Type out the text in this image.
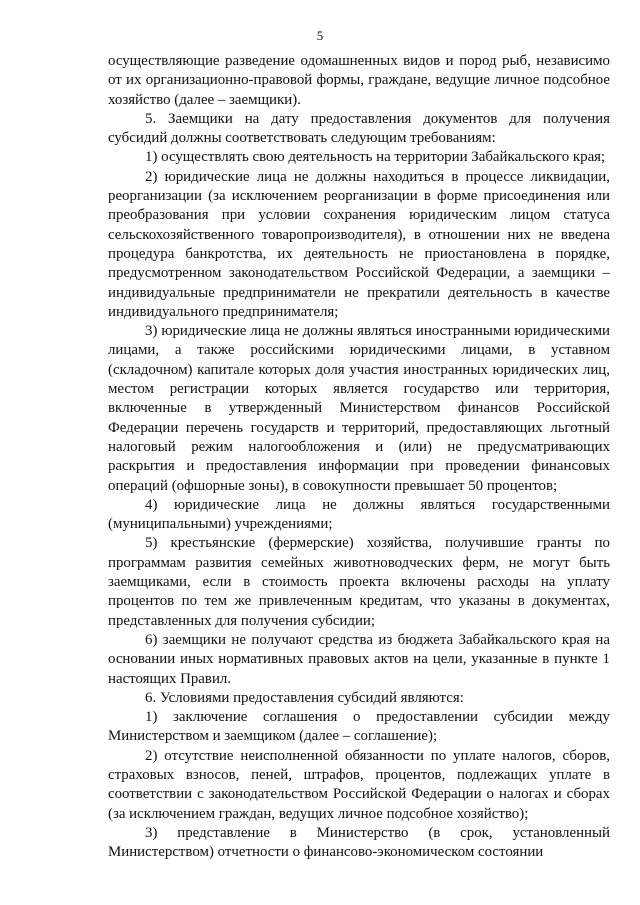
5

осуществляющие разведение одомашненных видов и пород рыб, независимо от их организационно-правовой формы, граждане, ведущие личное подсобное хозяйство (далее – заемщики).

5. Заемщики на дату предоставления документов для получения субсидий должны соответствовать следующим требованиям:

1) осуществлять свою деятельность на территории Забайкальского края;

2) юридические лица не должны находиться в процессе ликвидации, реорганизации (за исключением реорганизации в форме присоединения или преобразования при условии сохранения юридическим лицом статуса сельскохозяйственного товаропроизводителя), в отношении них не введена процедура банкротства, их деятельность не приостановлена в порядке, предусмотренном законодательством Российской Федерации, а заемщики – индивидуальные предприниматели не прекратили деятельность в качестве индивидуального предпринимателя;

3) юридические лица не должны являться иностранными юридическими лицами, а также российскими юридическими лицами, в уставном (складочном) капитале которых доля участия иностранных юридических лиц, местом регистрации которых является государство или территория, включенные в утвержденный Министерством финансов Российской Федерации перечень государств и территорий, предоставляющих льготный налоговый режим налогообложения и (или) не предусматривающих раскрытия и предоставления информации при проведении финансовых операций (офшорные зоны), в совокупности превышает 50 процентов;

4) юридические лица не должны являться государственными (муниципальными) учреждениями;

5) крестьянские (фермерские) хозяйства, получившие гранты по программам развития семейных животноводческих ферм, не могут быть заемщиками, если в стоимость проекта включены расходы на уплату процентов по тем же привлеченным кредитам, что указаны в документах, представленных для получения субсидии;

6) заемщики не получают средства из бюджета Забайкальского края на основании иных нормативных правовых актов на цели, указанные в пункте 1 настоящих Правил.

6. Условиями предоставления субсидий являются:

1) заключение соглашения о предоставлении субсидии между Министерством и заемщиком (далее – соглашение);

2) отсутствие неисполненной обязанности по уплате налогов, сборов, страховых взносов, пеней, штрафов, процентов, подлежащих уплате в соответствии с законодательством Российской Федерации о налогах и сборах (за исключением граждан, ведущих личное подсобное хозяйство);

3) представление в Министерство (в срок, установленный Министерством) отчетности о финансово-экономическом состоянии
